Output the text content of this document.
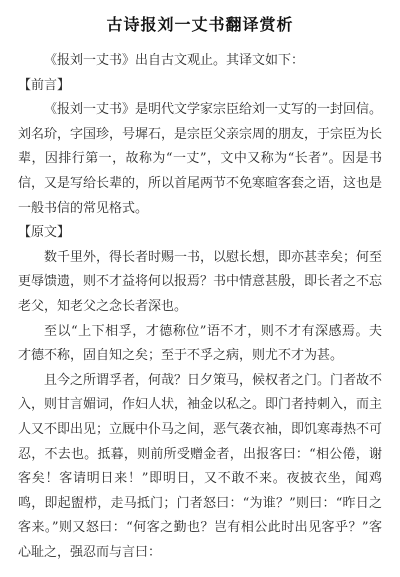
古诗报刘一丈书翻译赏析

《报刘一丈书》出自古文观止。其译文如下：

【前言】

《报刘一丈书》是明代文学家宗臣给刘一丈写的一封回信。刘名玠，字国珍，号墀石，是宗臣父亲宗周的朋友，于宗臣为长辈，因排行第一，故称为“一丈”，文中又称为“长者”。因是书信，又是写给长辈的，所以首尾两节不免寒暄客套之语，这也是一般书信的常见格式。

【原文】

数千里外，得长者时赐一书，以慰长想，即亦甚幸矣；何至更辱馈遗，则不才益将何以报焉？书中情意甚殷，即长者之不忘老父，知老父之念长者深也。

至以“上下相孚，才德称位”语不才，则不才有深感焉。夫才德不称，固自知之矣；至于不孚之病，则尤不才为甚。

且今之所谓孚者，何哉？日夕策马，候权者之门。门者故不入，则甘言媚词，作妇人状，袖金以私之。即门者持刺入，而主人又不即出见；立厩中仆马之间，恶气袭衣袖，即饥寒毒热不可忍，不去也。抵暮，则前所受赠金者，出报客曰：“相公倦，谢客矣！客请明日来！”即明日，又不敢不来。夜披衣坐，闻鸡鸣，即起盥栉，走马抵门；门者怒曰：“为谁？”则曰：“昨日之客来。”则又怒曰：“何客之勤也？岂有相公此时出见客乎？”客心耻之，强忍而与言曰：
